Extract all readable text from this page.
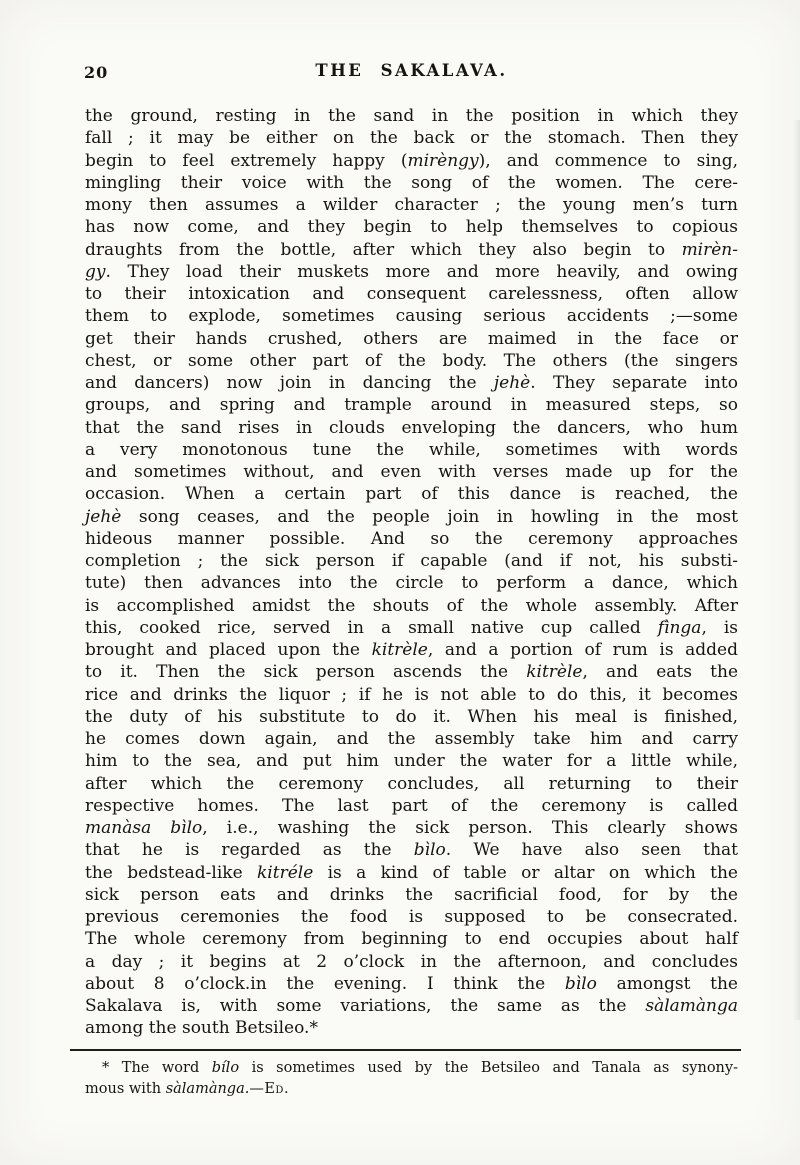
20	THE SAKALAVA.
the ground, resting in the sand in the position in which they
fall ; it may be either on the back or the stomach. Then they
begin to feel extremely happy (mirèngy), and commence to sing,
mingling their voice with the song of the women. The cere-
mony then assumes a wilder character ; the young men’s turn
has now come, and they begin to help themselves to copious
draughts from the bottle, after which they also begin to mirèn-
gy. They load their muskets more and more heavily, and owing
to their intoxication and consequent carelessness, often allow
them to explode, sometimes causing serious accidents ;—some
get their hands crushed, others are maimed in the face or
chest, or some other part of the body. The others (the singers
and dancers) now join in dancing the jehè. They separate into
groups, and spring and trample around in measured steps, so
that the sand rises in clouds enveloping the dancers, who hum
a very monotonous tune the while, sometimes with words
and sometimes without, and even with verses made up for the
occasion. When a certain part of this dance is reached, the
jehè song ceases, and the people join in howling in the most
hideous manner possible. And so the ceremony approaches
completion ; the sick person if capable (and if not, his substi-
tute) then advances into the circle to perform a dance, which
is accomplished amidst the shouts of the whole assembly. After
this, cooked rice, served in a small native cup called fìnga, is
brought and placed upon the kitrèle, and a portion of rum is added
to it. Then the sick person ascends the kitrèle, and eats the
rice and drinks the liquor ; if he is not able to do this, it becomes
the duty of his substitute to do it. When his meal is finished,
he comes down again, and the assembly take him and carry
him to the sea, and put him under the water for a little while,
after which the ceremony concludes, all returning to their
respective homes. The last part of the ceremony is called
manàsa bìlo, i.e., washing the sick person. This clearly shows
that he is regarded as the bìlo. We have also seen that
the bedstead-like kitréle is a kind of table or altar on which the
sick person eats and drinks the sacrificial food, for by the
previous ceremonies the food is supposed to be consecrated.
The whole ceremony from beginning to end occupies about half
a day ; it begins at 2 o’clock in the afternoon, and concludes
about 8 o’clock.in the evening. I think the bìlo amongst the
Sakalava is, with some variations, the same as the sàlamànga
among the south Betsileo.*
* The word bílo is sometimes used by the Betsileo and Tanala as synony-
mous with sàlamànga.—Ed.
